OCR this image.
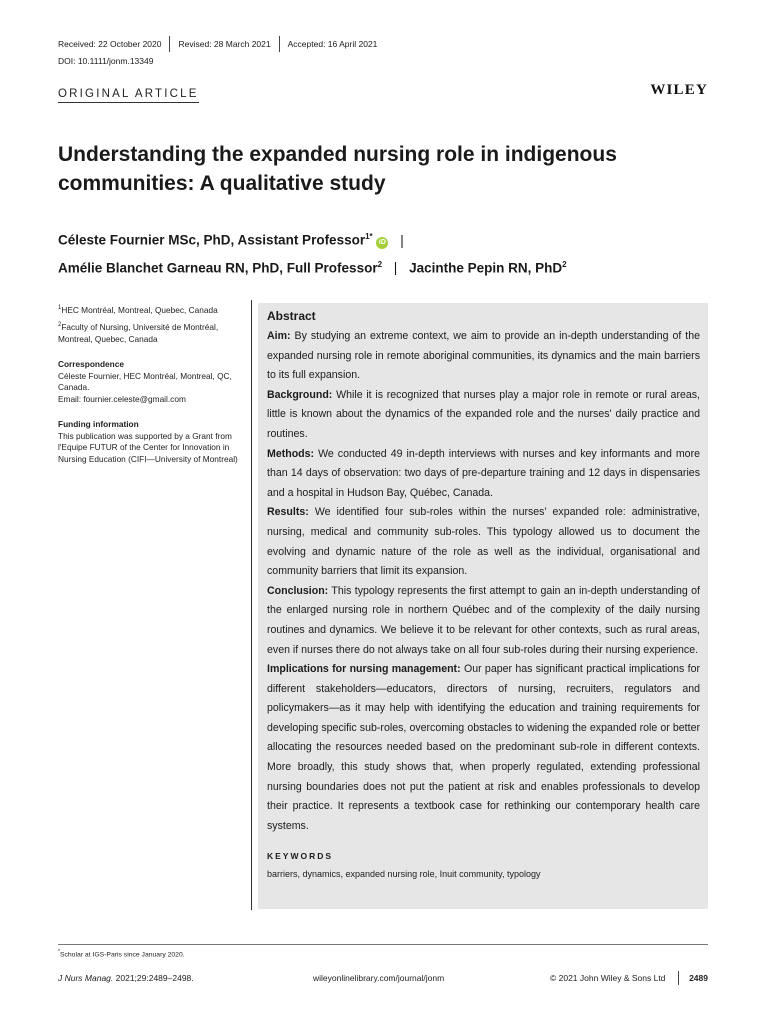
Received: 22 October 2020	Revised: 28 March 2021	Accepted: 16 April 2021
DOI: 10.1111/jonm.13349
ORIGINAL ARTICLE	WILEY
Understanding the expanded nursing role in indigenous communities: A qualitative study
Céleste Fournier MSc, PhD, Assistant Professor$^{1*}$ iD |
Amélie Blanchet Garneau RN, PhD, Full Professor$^2$ | Jacinthe Pepin RN, PhD$^2$
$^1$HEC Montréal, Montreal, Quebec, Canada
$^2$Faculty of Nursing, Université de Montréal, Montreal, Quebec, Canada
Correspondence

Céleste Fournier, HEC Montréal, Montreal, QC, Canada.

Email: fournier.celeste@gmail.com

Funding information

This publication was supported by a Grant from l'Equipe FUTUR of the Center for Innovation in Nursing Education (CIFI—University of Montreal)

Abstract

Aim: By studying an extreme context, we aim to provide an in-depth understanding of the expanded nursing role in remote aboriginal communities, its dynamics and the main barriers to its full expansion.

Background: While it is recognized that nurses play a major role in remote or rural areas, little is known about the dynamics of the expanded role and the nurses' daily practice and routines.

Methods: We conducted 49 in-depth interviews with nurses and key informants and more than 14 days of observation: two days of pre-departure training and 12 days in dispensaries and a hospital in Hudson Bay, Québec, Canada.

Results: We identified four sub-roles within the nurses' expanded role: administrative, nursing, medical and community sub-roles. This typology allowed us to document the evolving and dynamic nature of the role as well as the individual, organisational and community barriers that limit its expansion.

Conclusion: This typology represents the first attempt to gain an in-depth understanding of the enlarged nursing role in northern Québec and of the complexity of the daily nursing routines and dynamics. We believe it to be relevant for other contexts, such as rural areas, even if nurses there do not always take on all four sub-roles during their nursing experience.

Implications for nursing management: Our paper has significant practical implications for different stakeholders—educators, directors of nursing, recruiters, regulators and policymakers—as it may help with identifying the education and training requirements for developing specific sub-roles, overcoming obstacles to widening the expanded role or better allocating the resources needed based on the predominant sub-role in different contexts. More broadly, this study shows that, when properly regulated, extending professional nursing boundaries does not put the patient at risk and enables professionals to develop their practice. It represents a textbook case for rethinking our contemporary health care systems.

KEYWORDS
barriers, dynamics, expanded nursing role, Inuit community, typology
*Scholar at IGS-Paris since January 2020.
J Nurs Manag. 2021;29:2489–2498.	wileyonlinelibrary.com/journal/jonm	© 2021 John Wiley & Sons Ltd	2489
